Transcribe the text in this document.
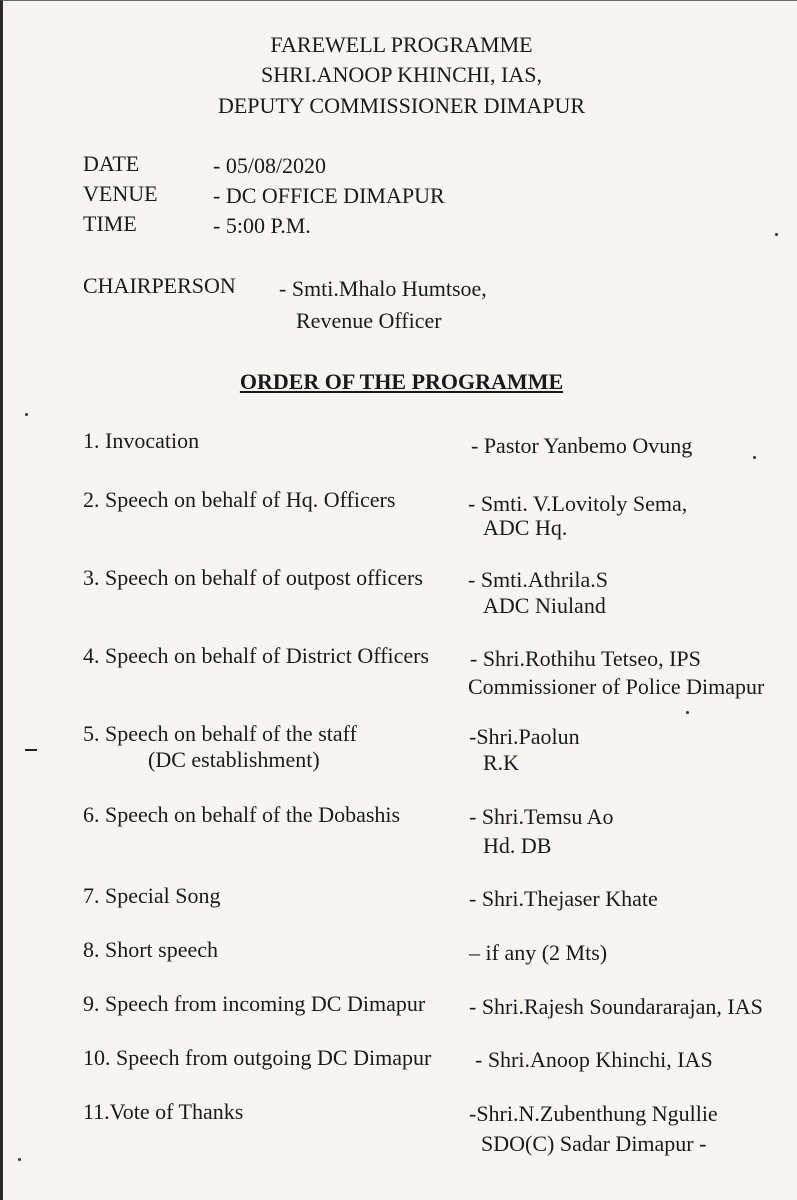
FAREWELL PROGRAMME
SHRI.ANOOP KHINCHI, IAS,
DEPUTY COMMISSIONER DIMAPUR
DATE	- 05/08/2020
VENUE	- DC OFFICE DIMAPUR
TIME	- 5:00 P.M.
CHAIRPERSON - Smti.Mhalo Humtsoe,
Revenue Officer
ORDER OF THE PROGRAMME
1. Invocation	- Pastor Yanbemo Ovung
2. Speech on behalf of Hq. Officers	- Smti. V.Lovitoly Sema,
ADC Hq.
3. Speech on behalf of outpost officers - Smti.Athrila.S
ADC Niuland
4. Speech on behalf of District Officers - Shri.Rothihu Tetseo, IPS
Commissioner of Police Dimapur
5. Speech on behalf of the staff
(DC establishment)
-Shri.Paolun
R.K
6. Speech on behalf of the Dobashis	- Shri.Temsu Ao
Hd. DB
7. Special Song	- Shri.Thejaser Khate
8. Short speech	– if any (2 Mts)
9. Speech from incoming DC Dimapur - Shri.Rajesh Soundararajan, IAS
10. Speech from outgoing DC Dimapur - Shri.Anoop Khinchi, IAS
11.Vote of Thanks	-Shri.N.Zubenthung Ngullie
SDO(C) Sadar Dimapur -
